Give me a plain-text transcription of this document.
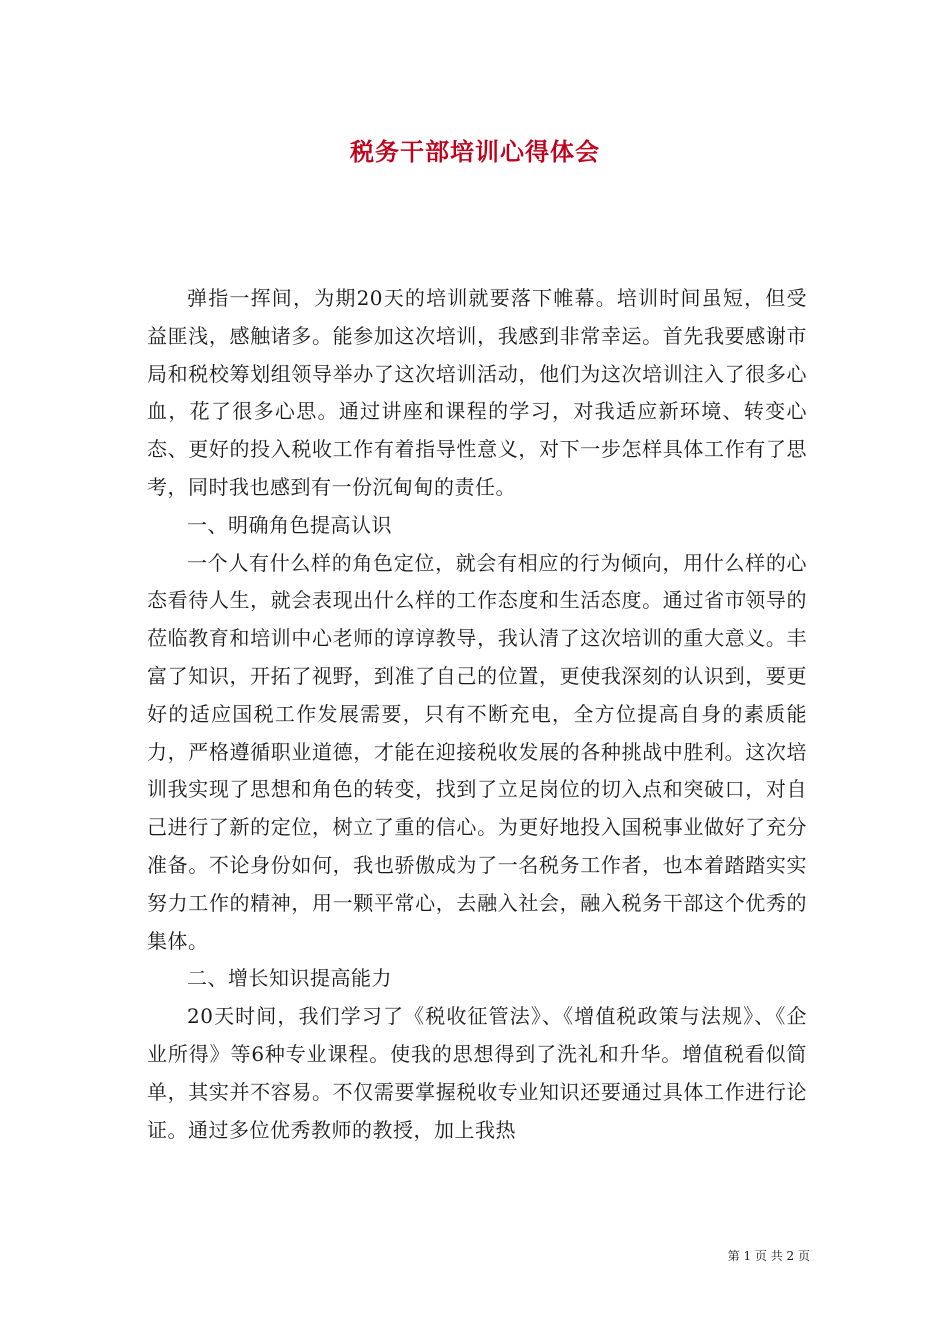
税务干部培训心得体会

弹指一挥间，为期20天的培训就要落下帷幕。培训时间虽短，但受益匪浅，感触诸多。能参加这次培训，我感到非常幸运。首先我要感谢市局和税校筹划组领导举办了这次培训活动，他们为这次培训注入了很多心血，花了很多心思。通过讲座和课程的学习，对我适应新环境、转变心态、更好的投入税收工作有着指导性意义，对下一步怎样具体工作有了思考，同时我也感到有一份沉甸甸的责任。

一、明确角色提高认识

一个人有什么样的角色定位，就会有相应的行为倾向，用什么样的心态看待人生，就会表现出什么样的工作态度和生活态度。通过省市领导的莅临教育和培训中心老师的谆谆教导，我认清了这次培训的重大意义。丰富了知识，开拓了视野，到准了自己的位置，更使我深刻的认识到，要更好的适应国税工作发展需要，只有不断充电，全方位提高自身的素质能力，严格遵循职业道德，才能在迎接税收发展的各种挑战中胜利。这次培训我实现了思想和角色的转变，找到了立足岗位的切入点和突破口，对自己进行了新的定位，树立了重的信心。为更好地投入国税事业做好了充分准备。不论身份如何，我也骄傲成为了一名税务工作者，也本着踏踏实实努力工作的精神，用一颗平常心，去融入社会，融入税务干部这个优秀的集体。

二、增长知识提高能力

20天时间，我们学习了《税收征管法》、《增值税政策与法规》、《企业所得》等6种专业课程。使我的思想得到了洗礼和升华。增值税看似简单，其实并不容易。不仅需要掌握税收专业知识还要通过具体工作进行论证。通过多位优秀教师的教授，加上我热

第 1 页 共 2 页
